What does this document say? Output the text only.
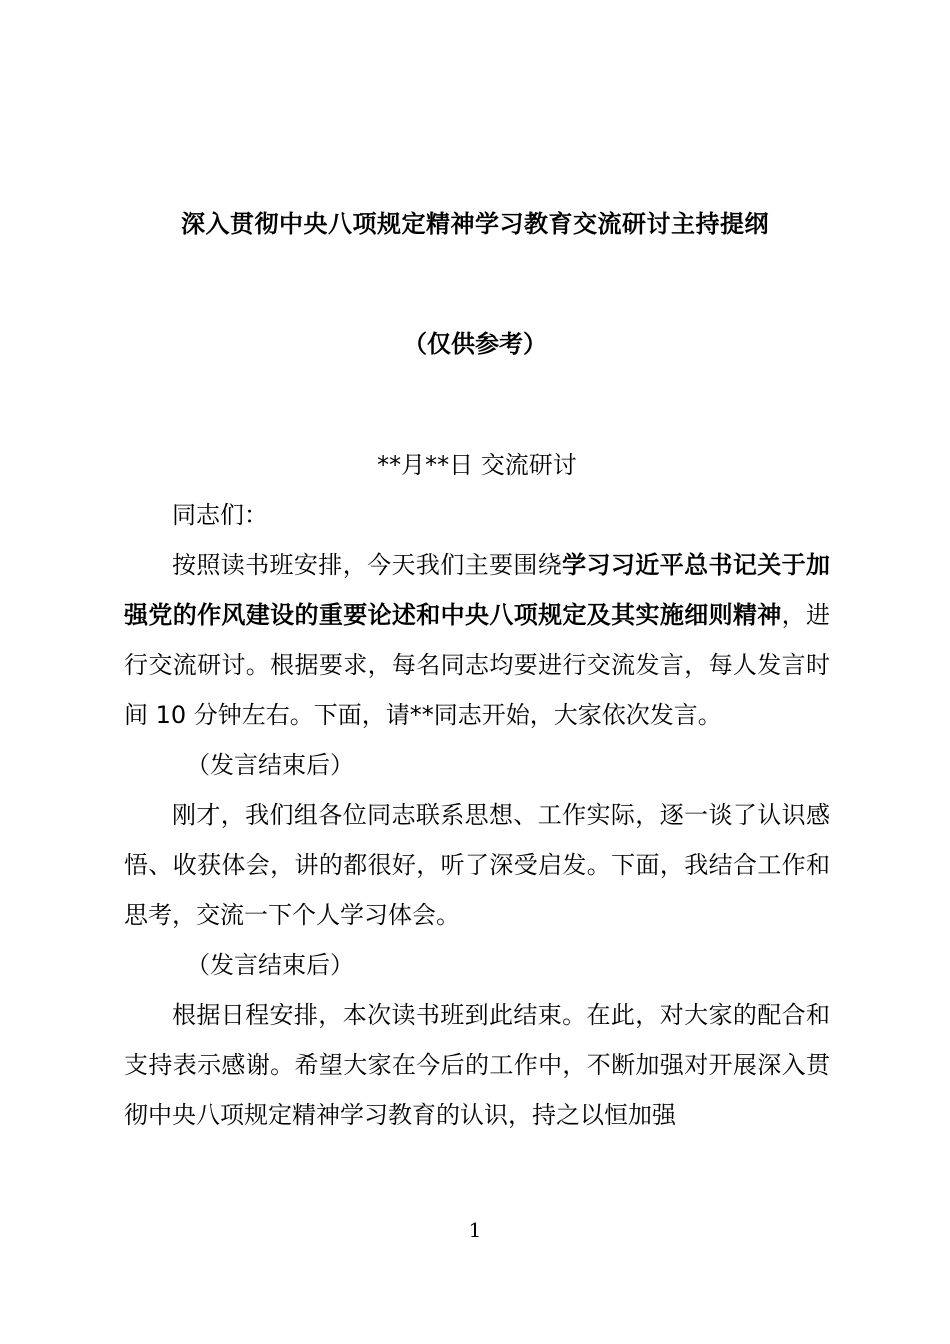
深入贯彻中央八项规定精神学习教育交流研讨主持提纲
（仅供参考）

**月**日 交流研讨

同志们：

按照读书班安排，今天我们主要围绕学习习近平总书记关于加强党的作风建设的重要论述和中央八项规定及其实施细则精神，进行交流研讨。根据要求，每名同志均要进行交流发言，每人发言时间 10 分钟左右。下面，请**同志开始，大家依次发言。

（发言结束后）

刚才，我们组各位同志联系思想、工作实际，逐一谈了认识感悟、收获体会，讲的都很好，听了深受启发。下面，我结合工作和思考，交流一下个人学习体会。

（发言结束后）

根据日程安排，本次读书班到此结束。在此，对大家的配合和支持表示感谢。希望大家在今后的工作中，不断加强对开展深入贯彻中央八项规定精神学习教育的认识，持之以恒加强

1
